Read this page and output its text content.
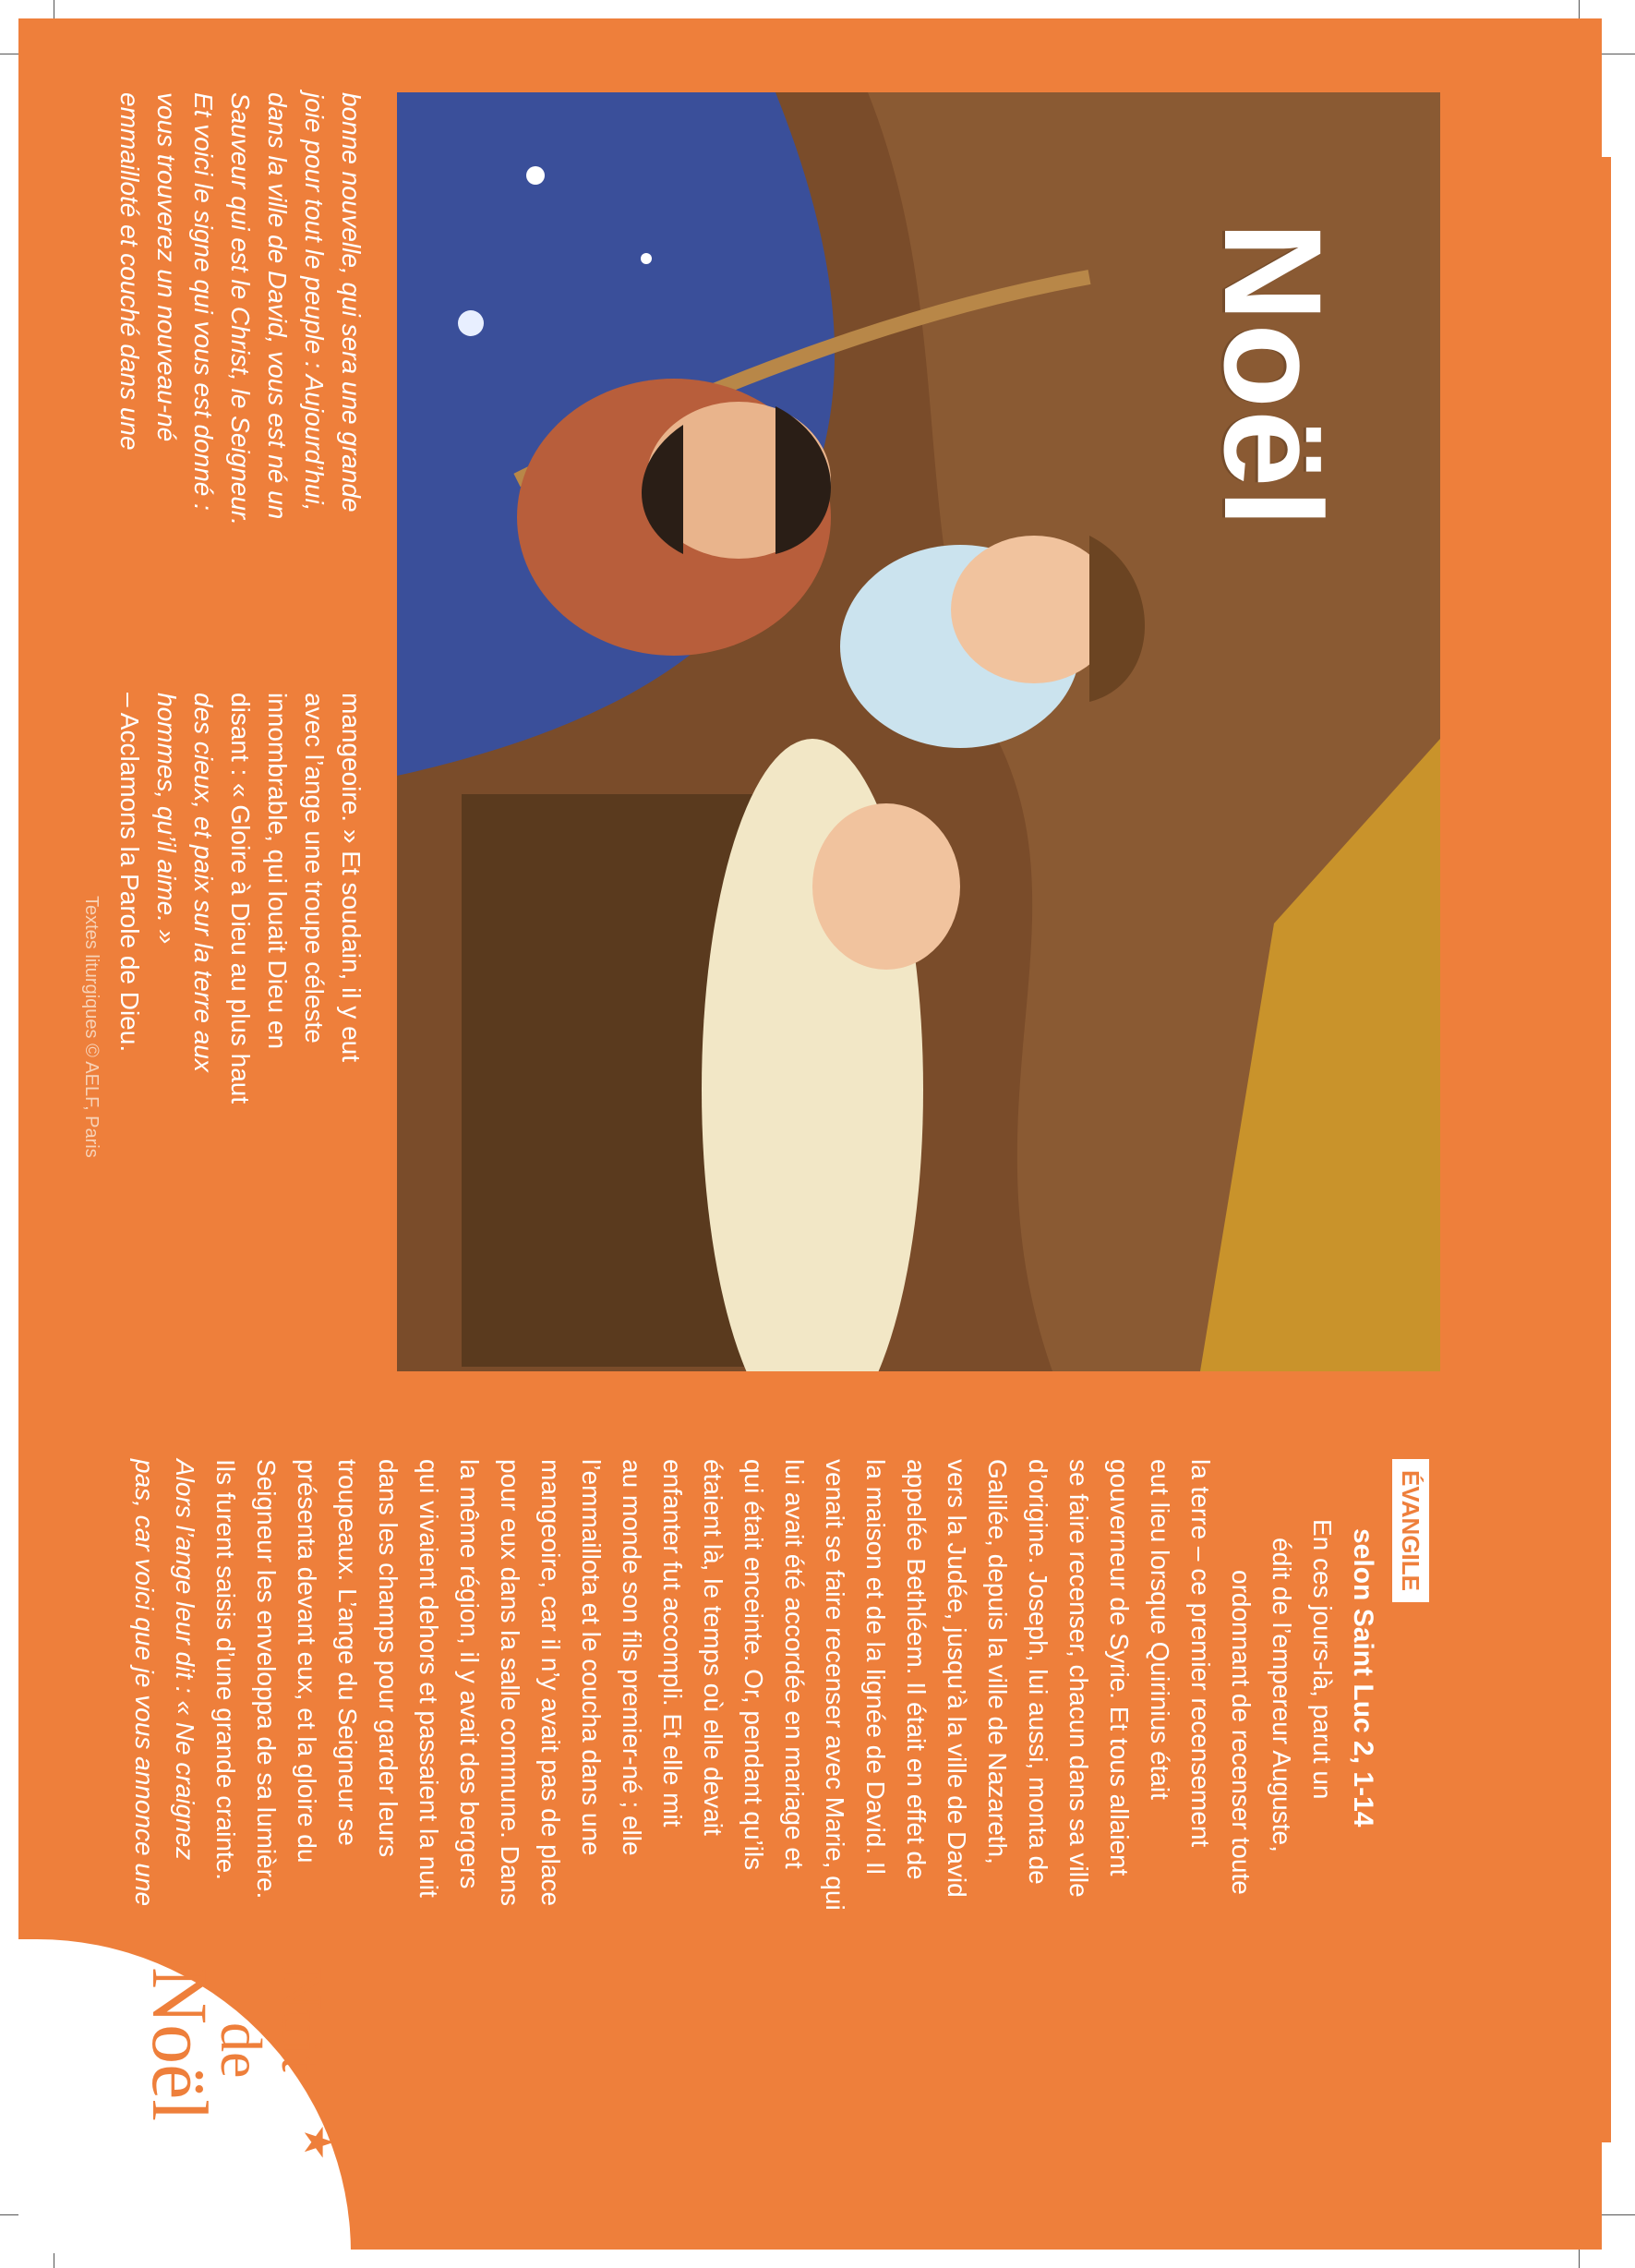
Noël
ÉVANGILE
selon Saint Luc 2, 1-14

En ces jours-là, parut un

édit de l’empereur Auguste,

ordonnant de recenser toute

la terre – ce premier recensement

eut lieu lorsque Quirinius était

gouverneur de Syrie. Et tous allaient

se faire recenser, chacun dans sa ville

d’origine. Joseph, lui aussi, monta de

Galilée, depuis la ville de Nazareth,

vers la Judée, jusqu’à la ville de David

appelée Bethléem. Il était en effet de

la maison et de la lignée de David. Il

venait se faire recenser avec Marie, qui

lui avait été accordée en mariage et

qui était enceinte. Or, pendant qu’ils

étaient là, le temps où elle devait

enfanter fut accompli. Et elle mit

au monde son fils premier-né ; elle

l’emmaillota et le coucha dans une

mangeoire, car il n’y avait pas de place

pour eux dans la salle commune. Dans

la même région, il y avait des bergers

qui vivaient dehors et passaient la nuit

dans les champs pour garder leurs

troupeaux. L’ange du Seigneur se

présenta devant eux, et la gloire du

Seigneur les enveloppa de sa lumière.

Ils furent saisis d’une grande crainte.

Alors l’ange leur dit : « Ne craignez

pas, car voici que je vous annonce une

bonne nouvelle, qui sera une grande

joie pour tout le peuple : Aujourd’hui,

dans la ville de David, vous est né un

Sauveur qui est le Christ, le Seigneur.

Et voici le signe qui vous est donné :

vous trouverez un nouveau-né

emmailloté et couché dans une

mangeoire. » Et soudain, il y eut

avec l’ange une troupe céleste

innombrable, qui louait Dieu en

disant : « Gloire à Dieu au plus haut

des cieux, et paix sur la terre aux

hommes, qu’il aime. »

– Acclamons la Parole de Dieu.

Textes liturgiques © AELF, Paris
Nuit
de
Noël
★
